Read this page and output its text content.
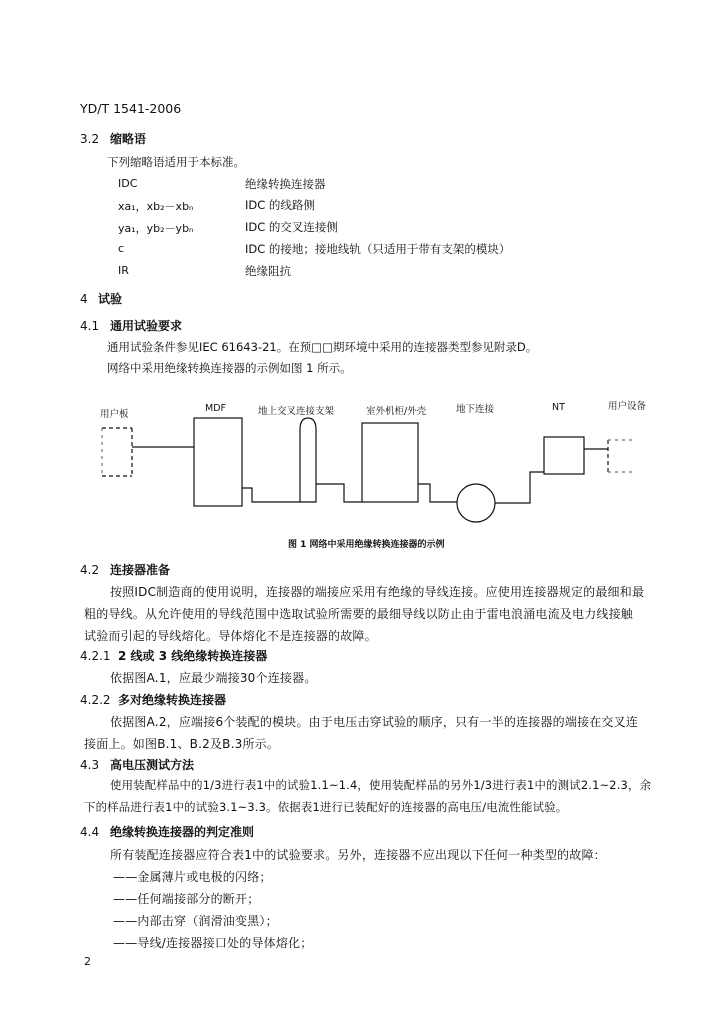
YD/T 1541-2006
3.2 缩略语
下列缩略语适用于本标准。
IDC	绝缘转换连接器
xa₁，xb₂－xbₙ	IDC 的线路侧
ya₁，yb₂－ybₙ	IDC 的交叉连接侧
c	IDC 的接地；接地线轨（只适用于带有支架的模块）
IR	绝缘阻抗
4 试验
4.1 通用试验要求
通用试验条件参见IEC 61643-21。在预□□期环境中采用的连接器类型参见附录D。
网络中采用绝缘转换连接器的示例如图 1 所示。
用户板
MDF	地上交叉连接支架	室外机柜/外壳	地下连接	NT	用户设备
图 1 网络中采用绝缘转换连接器的示例
4.2 连接器准备
按照IDC制造商的使用说明，连接器的端接应采用有绝缘的导线连接。应使用连接器规定的最细和最
粗的导线。从允许使用的导线范围中选取试验所需要的最细导线以防止由于雷电浪涌电流及电力线接触
试验而引起的导线熔化。导体熔化不是连接器的故障。
4.2.1 2 线或 3 线绝缘转换连接器
依据图A.1，应最少端接30个连接器。
4.2.2 多对绝缘转换连接器
依据图A.2，应端接6个装配的模块。由于电压击穿试验的顺序，只有一半的连接器的端接在交叉连
接面上。如图B.1、B.2及B.3所示。
4.3 高电压测试方法
使用装配样品中的1/3进行表1中的试验1.1~1.4，使用装配样品的另外1/3进行表1中的测试2.1~2.3，余
下的样品进行表1中的试验3.1~3.3。依据表1进行已装配好的连接器的高电压/电流性能试验。
4.4 绝缘转换连接器的判定准则
所有装配连接器应符合表1中的试验要求。另外，连接器不应出现以下任何一种类型的故障：
——金属薄片或电极的闪络；
——任何端接部分的断开；
——内部击穿（润滑油变黑）；
——导线/连接器接口处的导体熔化；
2
